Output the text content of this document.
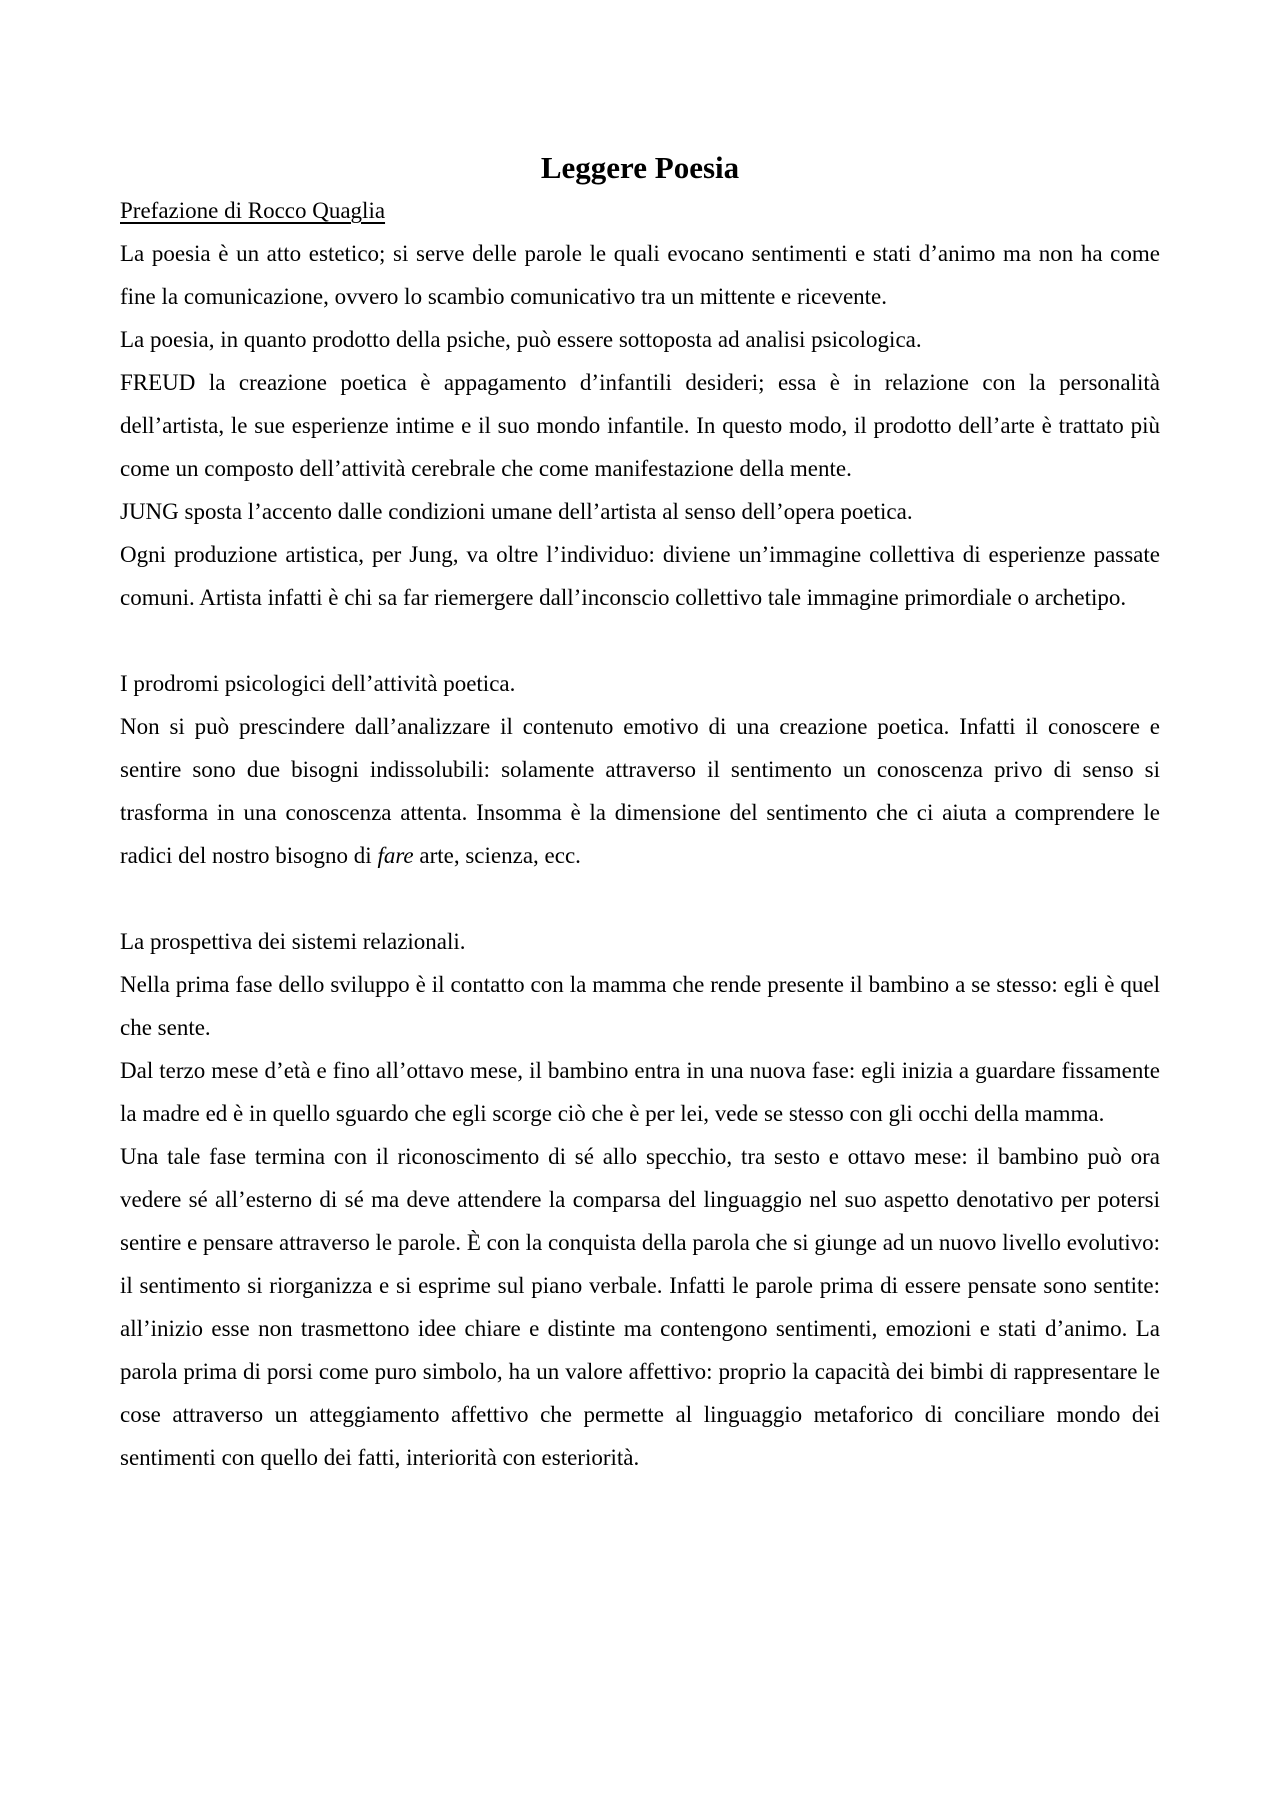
Leggere Poesia
Prefazione di Rocco Quaglia

La poesia è un atto estetico; si serve delle parole le quali evocano sentimenti e stati d’animo ma non ha come fine la comunicazione, ovvero lo scambio comunicativo tra un mittente e ricevente.

La poesia, in quanto prodotto della psiche, può essere sottoposta ad analisi psicologica.

FREUD la creazione poetica è appagamento d’infantili desideri; essa è in relazione con la personalità dell’artista, le sue esperienze intime e il suo mondo infantile. In questo modo, il prodotto dell’arte è trattato più come un composto dell’attività cerebrale che come manifestazione della mente.

JUNG sposta l’accento dalle condizioni umane dell’artista al senso dell’opera poetica.

Ogni produzione artistica, per Jung, va oltre l’individuo: diviene un’immagine collettiva di esperienze passate comuni. Artista infatti è chi sa far riemergere dall’inconscio collettivo tale immagine primordiale o archetipo.

I prodromi psicologici dell’attività poetica.

Non si può prescindere dall’analizzare il contenuto emotivo di una creazione poetica. Infatti il conoscere e sentire sono due bisogni indissolubili: solamente attraverso il sentimento un conoscenza privo di senso si trasforma in una conoscenza attenta. Insomma è la dimensione del sentimento che ci aiuta a comprendere le radici del nostro bisogno di fare arte, scienza, ecc.

La prospettiva dei sistemi relazionali.

Nella prima fase dello sviluppo è il contatto con la mamma che rende presente il bambino a se stesso: egli è quel che sente.

Dal terzo mese d’età e fino all’ottavo mese, il bambino entra in una nuova fase: egli inizia a guardare fissamente la madre ed è in quello sguardo che egli scorge ciò che è per lei, vede se stesso con gli occhi della mamma.

Una tale fase termina con il riconoscimento di sé allo specchio, tra sesto e ottavo mese: il bambino può ora vedere sé all’esterno di sé ma deve attendere la comparsa del linguaggio nel suo aspetto denotativo per potersi sentire e pensare attraverso le parole. È con la conquista della parola che si giunge ad un nuovo livello evolutivo: il sentimento si riorganizza e si esprime sul piano verbale. Infatti le parole prima di essere pensate sono sentite: all’inizio esse non trasmettono idee chiare e distinte ma contengono sentimenti, emozioni e stati d’animo. La parola prima di porsi come puro simbolo, ha un valore affettivo: proprio la capacità dei bimbi di rappresentare le cose attraverso un atteggiamento affettivo che permette al linguaggio metaforico di conciliare mondo dei sentimenti con quello dei fatti, interiorità con esteriorità.
